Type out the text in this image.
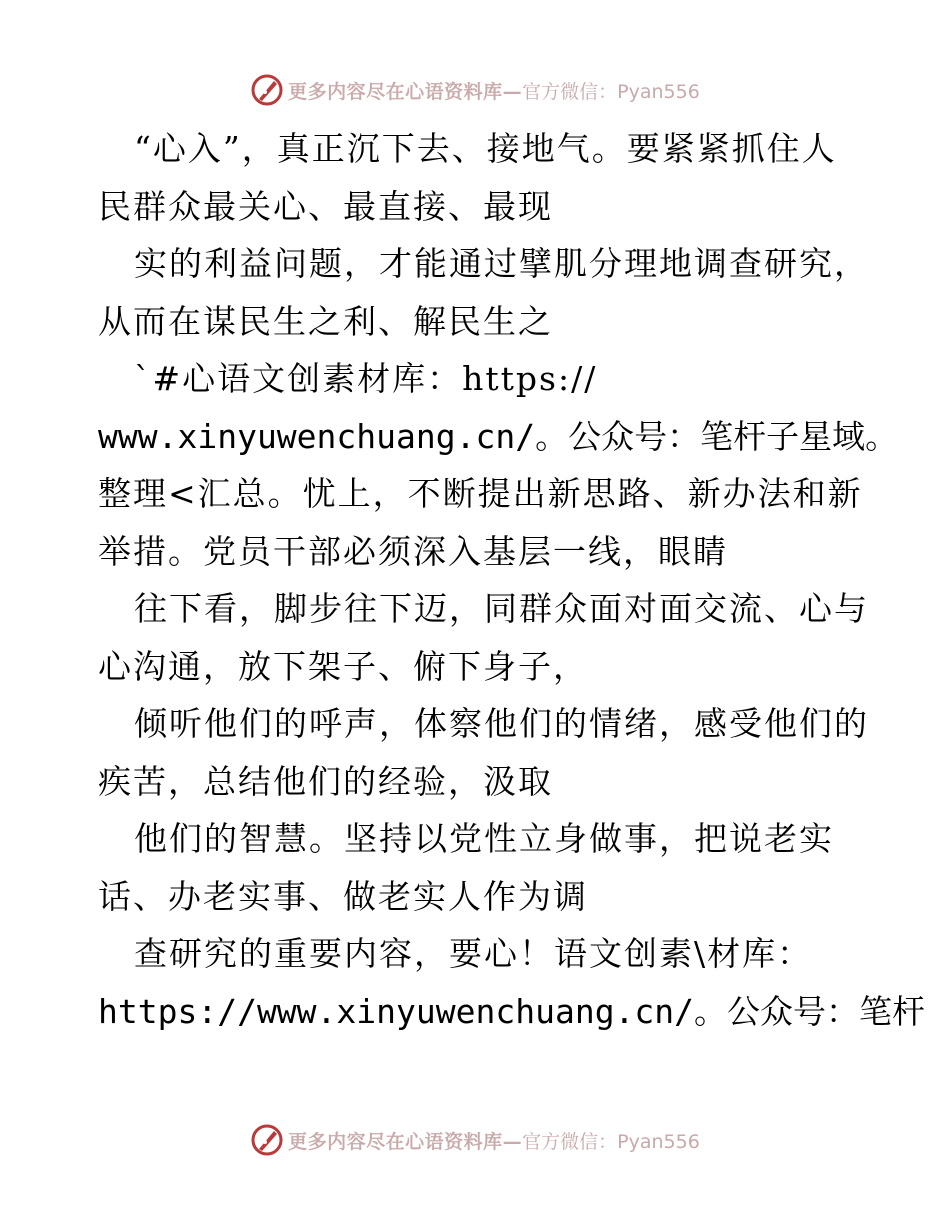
更多内容尽在心语资料库— 官方微信：Pyan556
“心入”，真正沉下去、接地气。要紧紧抓住人
民群众最关心、最直接、最现
实的利益问题，才能通过擘肌分理地调查研究，
从而在谋民生之利、解民生之
`#心语文创素材库：https://
www.xinyuwenchuang.cn/。公众号：笔杆子星域。
整理<汇总。忧上，不断提出新思路、新办法和新
举措。党员干部必须深入基层一线，眼睛
往下看，脚步往下迈，同群众面对面交流、心与
心沟通，放下架子、俯下身子，
倾听他们的呼声，体察他们的情绪，感受他们的
疾苦，总结他们的经验，汲取
他们的智慧。坚持以党性立身做事，把说老实
话、办老实事、做老实人作为调
查研究的重要内容，要心！语文创素\材库：
https://www.xinyuwenchuang.cn/。公众号：笔杆
更多内容尽在心语资料库— 官方微信：Pyan556
